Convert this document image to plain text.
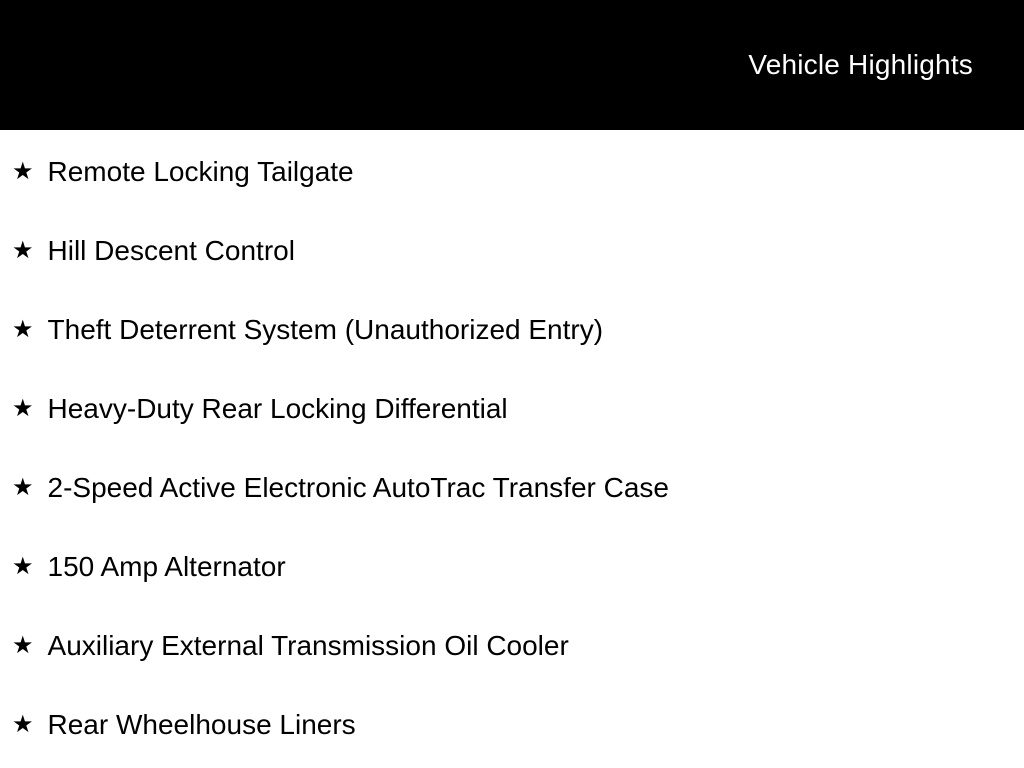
Vehicle Highlights
★ Remote Locking Tailgate
★ Hill Descent Control
★ Theft Deterrent System (Unauthorized Entry)
★ Heavy-Duty Rear Locking Differential
★ 2-Speed Active Electronic AutoTrac Transfer Case
★ 150 Amp Alternator
★ Auxiliary External Transmission Oil Cooler
★ Rear Wheelhouse Liners
